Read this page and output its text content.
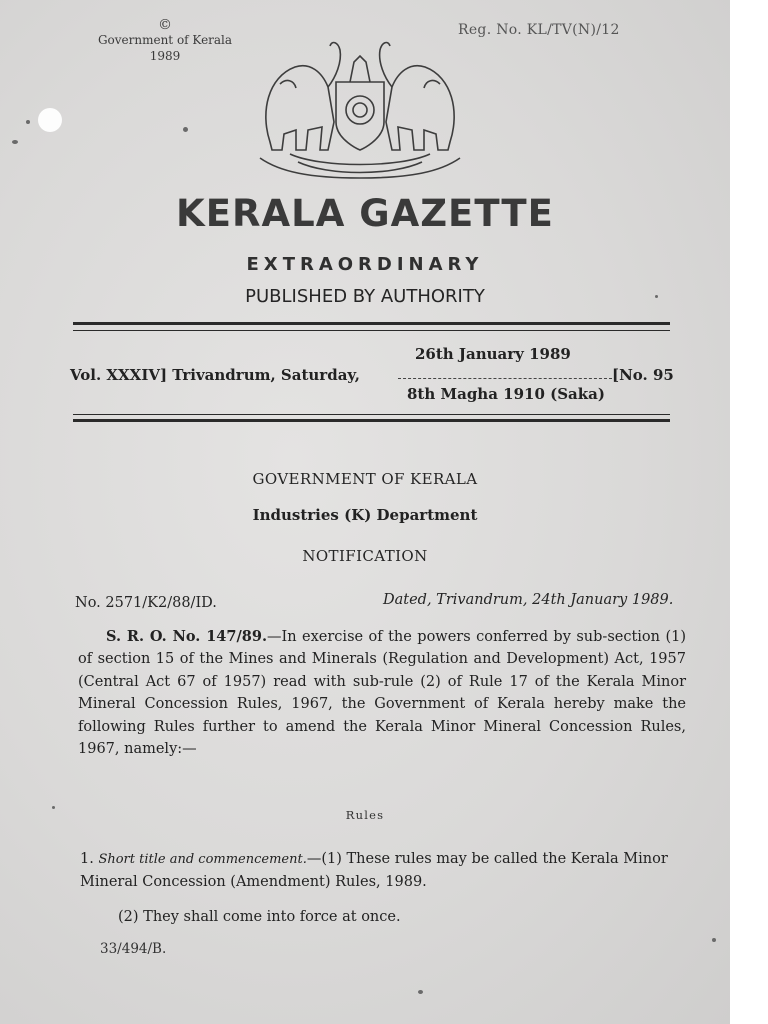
©
Government of Kerala
1989
Reg. No. KL/TV(N)/12
KERALA GAZETTE
EXTRAORDINARY
PUBLISHED BY AUTHORITY
Vol. XXXIV] Trivandrum, Saturday,
26th January 1989
8th Magha 1910 (Saka)
[No. 95
GOVERNMENT OF KERALA
Industries (K) Department
NOTIFICATION
No. 2571/K2/88/ID.	Dated, Trivandrum, 24th January 1989.
S. R. O. No. 147/89.—In exercise of the powers conferred by sub-section (1) of section 15 of the Mines and Minerals (Regulation and Development) Act, 1957 (Central Act 67 of 1957) read with sub-rule (2) of Rule 17 of the Kerala Minor Mineral Concession Rules, 1967, the Government of Kerala hereby make the following Rules further to amend the Kerala Minor Mineral Concession Rules, 1967, namely:—
Rules
1. Short title and commencement.—(1) These rules may be called the Kerala Minor Mineral Concession (Amendment) Rules, 1989.
(2) They shall come into force at once.
33/494/B.
